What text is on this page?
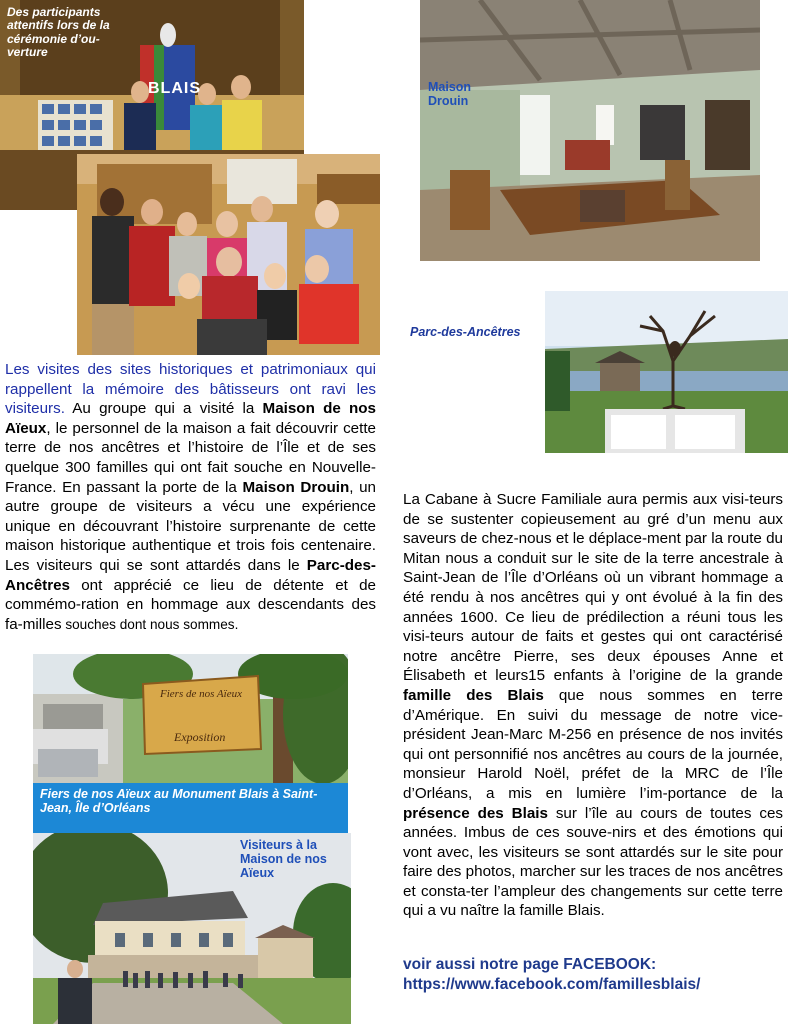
Des participants attentifs lors de la cérémonie d’ou-verture
BLAIS	Maison Drouin
Parc-des-Ancêtres
Les visites des sites historiques et patrimoniaux qui rappellent la mémoire des bâtisseurs ont ravi les visiteurs. Au groupe qui a visité la Maison de nos Aïeux, le personnel de la maison a fait découvrir cette terre de nos ancêtres et l’histoire de l’Île et de ses quelque 300 familles qui ont fait souche en Nouvelle-France. En passant la porte de la Maison Drouin, un autre groupe de visiteurs a vécu une expérience unique en découvrant l’histoire surprenante de cette maison historique authentique et trois fois centenaire. Les visiteurs qui se sont attardés dans le Parc-des-Ancêtres ont apprécié ce lieu de détente et de commémo-ration en hommage aux descendants des fa-milles souches dont nous sommes.
Fiers de nos Aïeux
Exposition
Fiers de nos Aïeux au Monument Blais à Saint-Jean, Île d’Orléans
Visiteurs à la Maison de nos Aïeux
La Cabane à Sucre Familiale aura permis aux visi-teurs de se sustenter copieusement au gré d’un menu aux saveurs de chez-nous et le déplace-ment par la route du Mitan nous a conduit sur le site de la terre ancestrale à Saint-Jean de l’Île d’Orléans où un vibrant hommage a été rendu à nos ancêtres qui y ont évolué à la fin des années 1600. Ce lieu de prédilection a réuni tous les visi-teurs autour de faits et gestes qui ont caractérisé notre ancêtre Pierre, ses deux épouses Anne et Élisabeth et leurs15 enfants à l’origine de la grande famille des Blais que nous sommes en terre d’Amérique. En suivi du message de notre vice-président Jean-Marc M-256 en présence de nos invités qui ont personnifié nos ancêtres au cours de la journée, monsieur Harold Noël, préfet de la MRC de l’Île d’Orléans, a mis en lumière l’im-portance de la présence des Blais sur l’île au cours de toutes ces années. Imbus de ces souve-nirs et des émotions qui vont avec, les visiteurs se sont attardés sur le site pour faire des photos, marcher sur les traces de nos ancêtres et consta-ter l’ampleur des changements sur cette terre qui a vu naître la famille Blais.
voir aussi notre page FACEBOOK:
https://www.facebook.com/famillesblais/
